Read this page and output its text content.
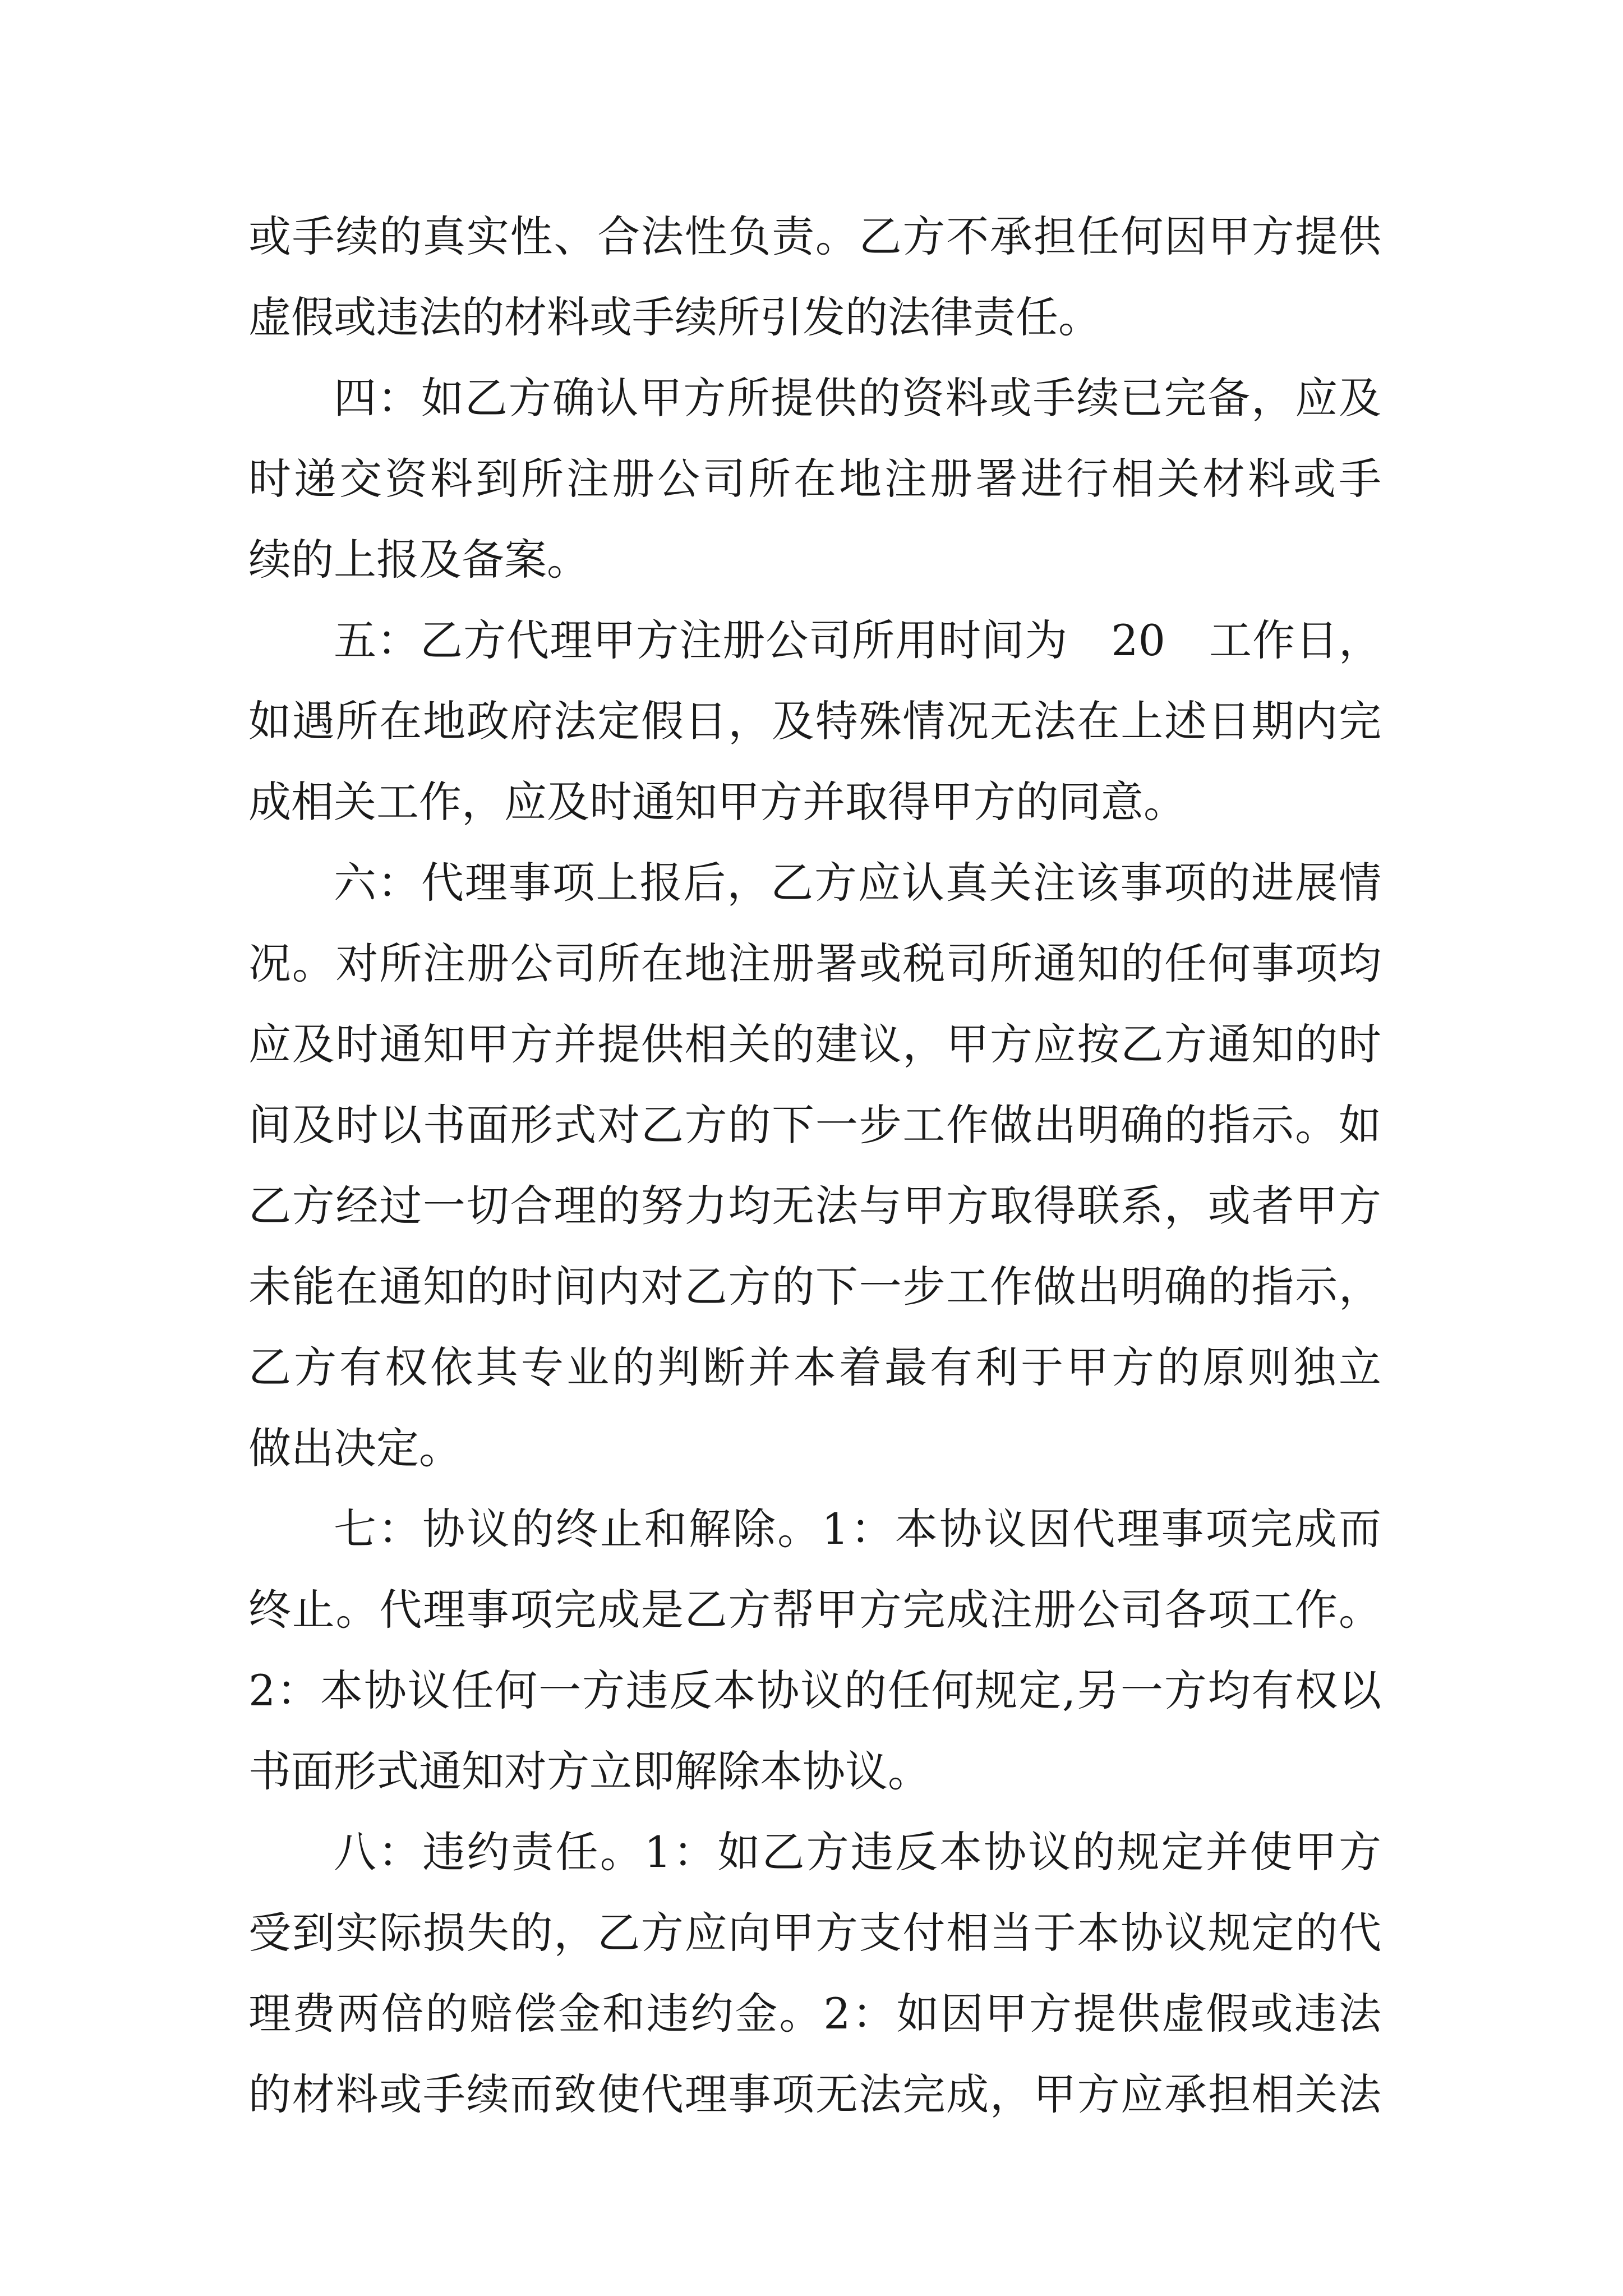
或手续的真实性、合法性负责。乙方不承担任何因甲方提供
虚假或违法的材料或手续所引发的法律责任。
四：如乙方确认甲方所提供的资料或手续已完备，应及
时递交资料到所注册公司所在地注册署进行相关材料或手
续的上报及备案。
五：乙方代理甲方注册公司所用时间为　20　工作日，
如遇所在地政府法定假日，及特殊情况无法在上述日期内完
成相关工作，应及时通知甲方并取得甲方的同意。
六：代理事项上报后，乙方应认真关注该事项的进展情
况。对所注册公司所在地注册署或税司所通知的任何事项均
应及时通知甲方并提供相关的建议，甲方应按乙方通知的时
间及时以书面形式对乙方的下一步工作做出明确的指示。如
乙方经过一切合理的努力均无法与甲方取得联系，或者甲方
未能在通知的时间内对乙方的下一步工作做出明确的指示，
乙方有权依其专业的判断并本着最有利于甲方的原则独立
做出决定。
七：协议的终止和解除。1：本协议因代理事项完成而
终止。代理事项完成是乙方帮甲方完成注册公司各项工作。
2：本协议任何一方违反本协议的任何规定,另一方均有权以
书面形式通知对方立即解除本协议。
八：违约责任。1：如乙方违反本协议的规定并使甲方
受到实际损失的，乙方应向甲方支付相当于本协议规定的代
理费两倍的赔偿金和违约金。2：如因甲方提供虚假或违法
的材料或手续而致使代理事项无法完成，甲方应承担相关法
